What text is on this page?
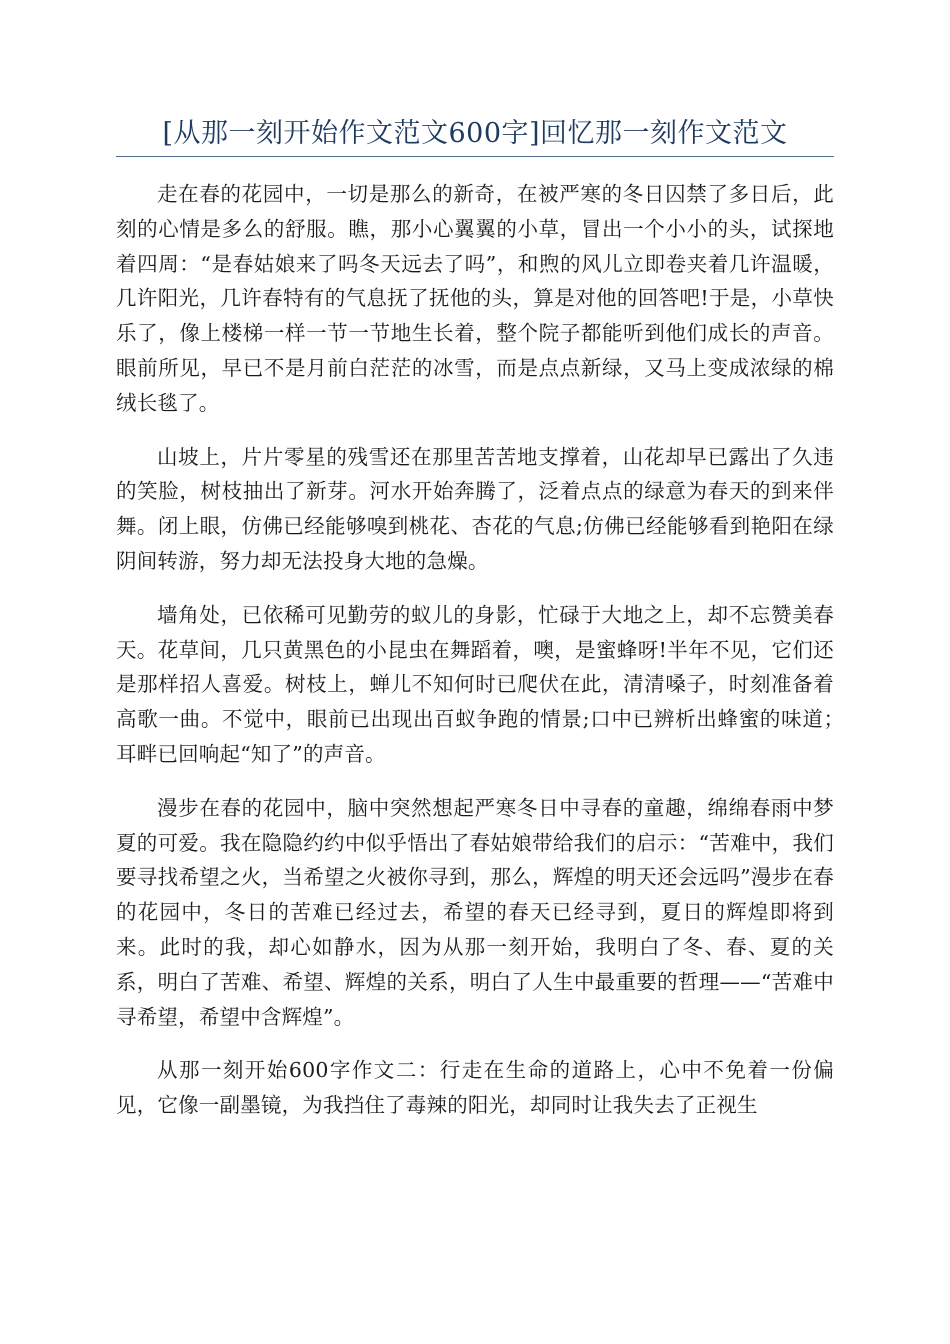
[从那一刻开始作文范文600字]回忆那一刻作文范文

走在春的花园中，一切是那么的新奇，在被严寒的冬日囚禁了多日后，此刻的心情是多么的舒服。瞧，那小心翼翼的小草，冒出一个小小的头，试探地着四周：“是春姑娘来了吗冬天远去了吗”，和煦的风儿立即卷夹着几许温暖，几许阳光，几许春特有的气息抚了抚他的头，算是对他的回答吧!于是，小草快乐了，像上楼梯一样一节一节地生长着，整个院子都能听到他们成长的声音。眼前所见，早已不是月前白茫茫的冰雪，而是点点新绿，又马上变成浓绿的棉绒长毯了。

山坡上，片片零星的残雪还在那里苦苦地支撑着，山花却早已露出了久违的笑脸，树枝抽出了新芽。河水开始奔腾了，泛着点点的绿意为春天的到来伴舞。闭上眼，仿佛已经能够嗅到桃花、杏花的气息;仿佛已经能够看到艳阳在绿阴间转游，努力却无法投身大地的急燥。

墙角处，已依稀可见勤劳的蚁儿的身影，忙碌于大地之上，却不忘赞美春天。花草间，几只黄黑色的小昆虫在舞蹈着，噢，是蜜蜂呀!半年不见，它们还是那样招人喜爱。树枝上，蝉儿不知何时已爬伏在此，清清嗓子，时刻准备着高歌一曲。不觉中，眼前已出现出百蚁争跑的情景;口中已辨析出蜂蜜的味道；　耳畔已回响起“知了”的声音。

漫步在春的花园中，脑中突然想起严寒冬日中寻春的童趣，绵绵春雨中梦夏的可爱。我在隐隐约约中似乎悟出了春姑娘带给我们的启示：“苦难中，我们要寻找希望之火，当希望之火被你寻到，那么，辉煌的明天还会远吗”漫步在春的花园中，冬日的苦难已经过去，希望的春天已经寻到，夏日的辉煌即将到来。此时的我，却心如静水，因为从那一刻开始，我明白了冬、春、夏的关系，明白了苦难、希望、辉煌的关系，明白了人生中最重要的哲理——“苦难中寻希望，希望中含辉煌”。

从那一刻开始600字作文二：行走在生命的道路上，心中不免着一份偏见，它像一副墨镜，为我挡住了毒辣的阳光，却同时让我失去了正视生
